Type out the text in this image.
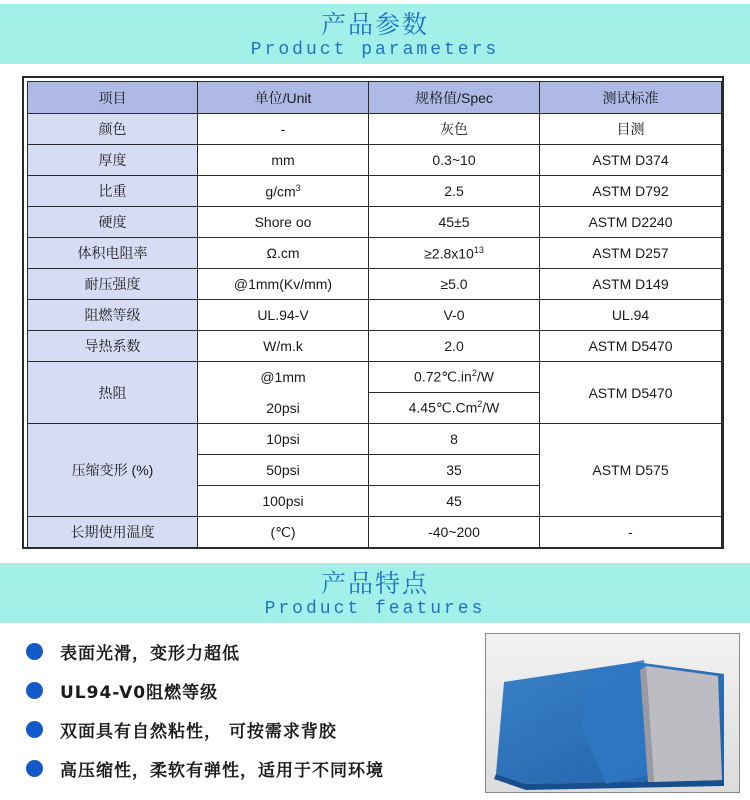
产品参数
Product parameters
项目	单位/Unit	规格值/Spec	测试标准
颜色	-	灰色	目测
厚度	mm	0.3~10	ASTM D374
比重	$g/cm^3$	2.5	ASTM D792
硬度	Shore oo	45±5	ASTM D2240
体积电阻率	Ω.cm	$\ge 2.8x10^{13}$	ASTM D257
耐压强度	@1mm(Kv/mm)	≥5.0	ASTM D149
阻燃等级	UL.94-V	V-0	UL.94
导热系数	W/m.k	2.0	ASTM D5470
热阻	@1mm	$0.72℃.in^2/W$	ASTM D5470
	20psi	4.45℃.Cm$^2$/W	
压缩变形 (%)	10psi	8	ASTM D575
	50psi	35	
	100psi	45	
长期使用温度	(℃)	-40~200	-
产品特点
Product features
表面光滑，变形力超低
UL94-V0阻燃等级
双面具有自然粘性， 可按需求背胶
高压缩性，柔软有弹性，适用于不同环境
